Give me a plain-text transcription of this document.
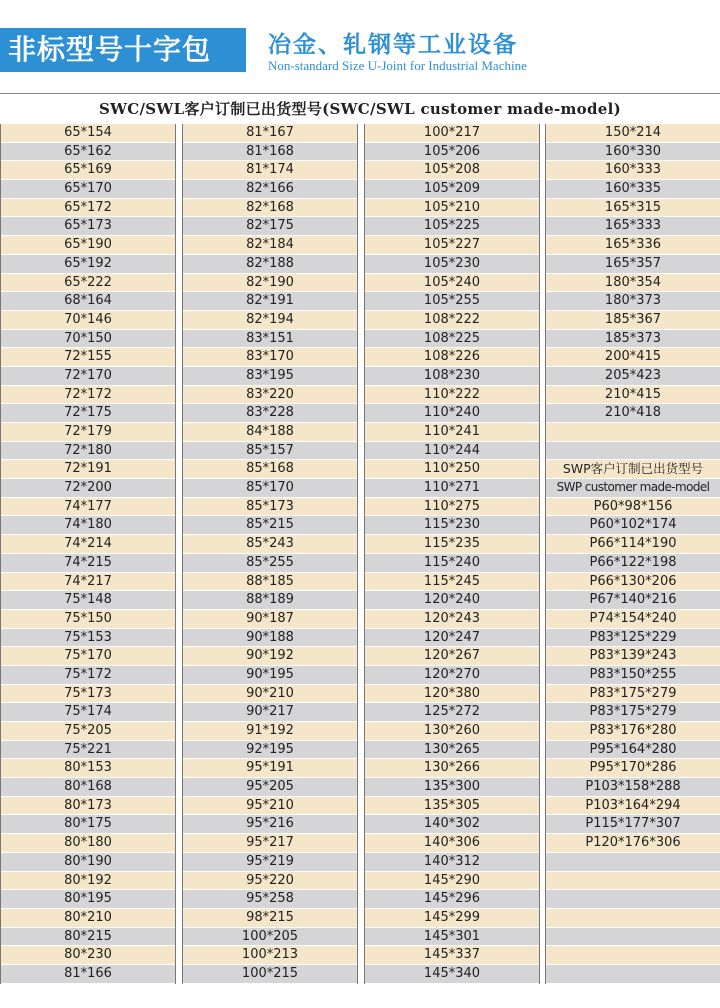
非标型号十字包	冶金、轧钢等工业设备
Non-standard Size U-Joint for Industrial Machine
SWC/SWL客户订制已出货型号(SWC/SWL customer made-model)
65*154
65*162
65*169
65*170
65*172
65*173
65*190
65*192
65*222
68*164
70*146
70*150
72*155
72*170
72*172
72*175
72*179
72*180
72*191
72*200
74*177
74*180
74*214
74*215
74*217
75*148
75*150
75*153
75*170
75*172
75*173
75*174
75*205
75*221
80*153
80*168
80*173
80*175
80*180
80*190
80*192
80*195
80*210
80*215
80*230
81*166
81*167
81*168
81*174
82*166
82*168
82*175
82*184
82*188
82*190
82*191
82*194
83*151
83*170
83*195
83*220
83*228
84*188
85*157
85*168
85*170
85*173
85*215
85*243
85*255
88*185
88*189
90*187
90*188
90*192
90*195
90*210
90*217
91*192
92*195
95*191
95*205
95*210
95*216
95*217
95*219
95*220
95*258
98*215
100*205
100*213
100*215
100*217
105*206
105*208
105*209
105*210
105*225
105*227
105*230
105*240
105*255
108*222
108*225
108*226
108*230
110*222
110*240
110*241
110*244
110*250
110*271
110*275
115*230
115*235
115*240
115*245
120*240
120*243
120*247
120*267
120*270
120*380
125*272
130*260
130*265
130*266
135*300
135*305
140*302
140*306
140*312
145*290
145*296
145*299
145*301
145*337
145*340
150*214
160*330
160*333
160*335
165*315
165*333
165*336
165*357
180*354
180*373
185*367
185*373
200*415
205*423
210*415
210*418
SWP客户订制已出货型号
SWP customer made-model
P60*98*156
P60*102*174
P66*114*190
P66*122*198
P66*130*206
P67*140*216
P74*154*240
P83*125*229
P83*139*243
P83*150*255
P83*175*279
P83*175*279
P83*176*280
P95*164*280
P95*170*286
P103*158*288
P103*164*294
P115*177*307
P120*176*306
